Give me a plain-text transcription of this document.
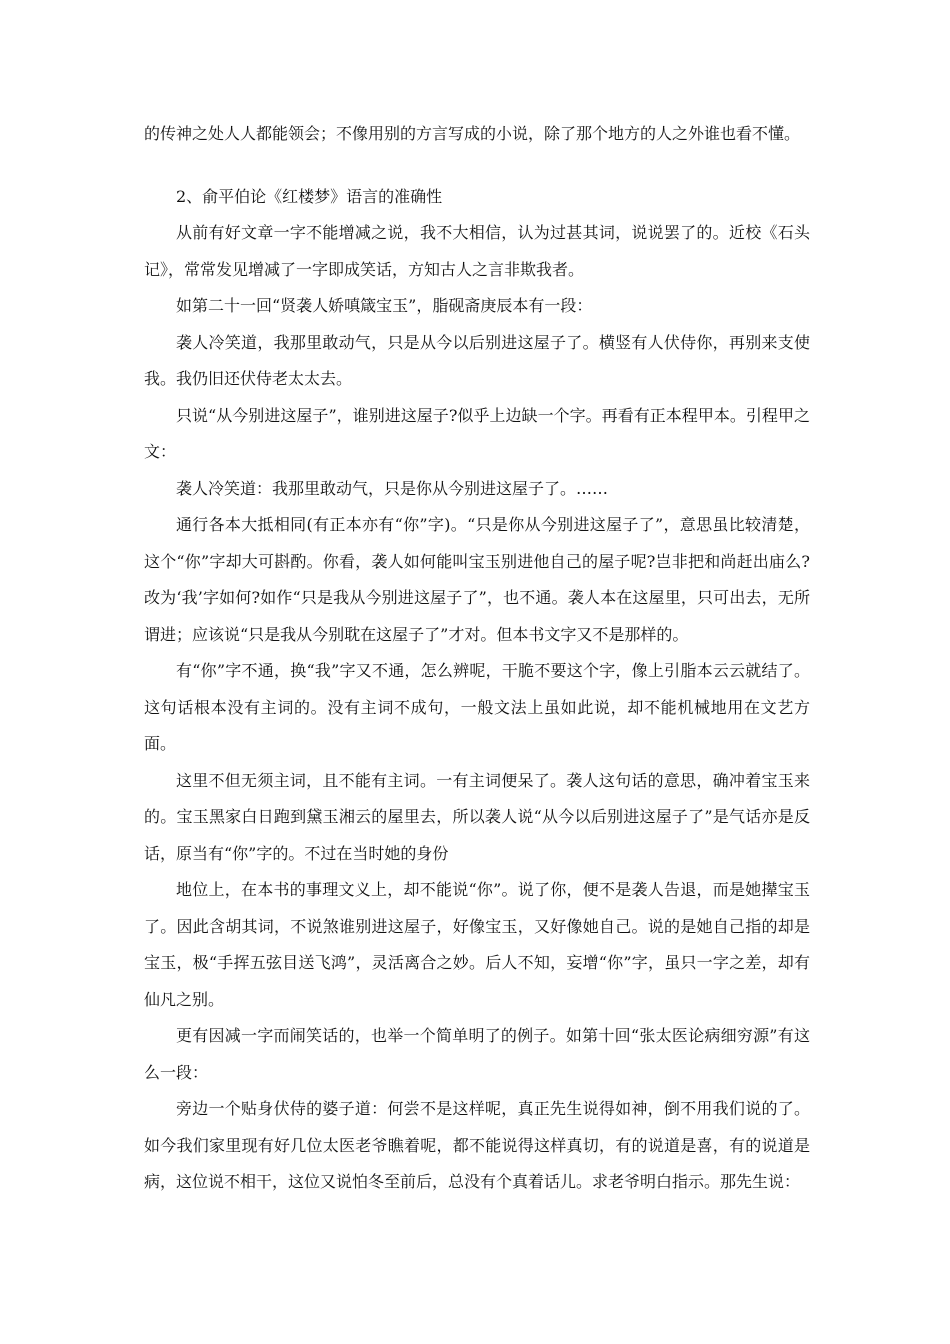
的传神之处人人都能领会；不像用别的方言写成的小说，除了那个地方的人之外谁也看不懂。

2、俞平伯论《红楼梦》语言的准确性

从前有好文章一字不能增减之说，我不大相信，认为过甚其词，说说罢了的。近校《石头记》，常常发见增减了一字即成笑话，方知古人之言非欺我者。

如第二十一回“贤袭人娇嗔箴宝玉”，脂砚斋庚辰本有一段：

袭人冷笑道，我那里敢动气，只是从今以后别进这屋子了。横竖有人伏侍你，再别来支使我。我仍旧还伏侍老太太去。

只说“从今别进这屋子”，谁别进这屋子?似乎上边缺一个字。再看有正本程甲本。引程甲之文：

袭人冷笑道：我那里敢动气，只是你从今别进这屋子了。……

通行各本大抵相同(有正本亦有“你”字)。“只是你从今别进这屋子了”，意思虽比较清楚，这个“你”字却大可斟酌。你看，袭人如何能叫宝玉别进他自己的屋子呢?岂非把和尚赶出庙么?改为‘我’字如何?如作“只是我从今别进这屋子了”，也不通。袭人本在这屋里，只可出去，无所谓进；应该说“只是我从今别耽在这屋子了”才对。但本书文字又不是那样的。

有“你”字不通，换“我”字又不通，怎么辨呢，干脆不要这个字，像上引脂本云云就结了。这句话根本没有主词的。没有主词不成句，一般文法上虽如此说，却不能机械地用在文艺方面。

这里不但无须主词，且不能有主词。一有主词便呆了。袭人这句话的意思，确冲着宝玉来的。宝玉黑家白日跑到黛玉湘云的屋里去，所以袭人说“从今以后别进这屋子了”是气话亦是反话，原当有“你”字的。不过在当时她的身份

地位上，在本书的事理文义上，却不能说“你”。说了你，便不是袭人告退，而是她撵宝玉了。因此含胡其词，不说煞谁别进这屋子，好像宝玉，又好像她自己。说的是她自己指的却是宝玉，极“手挥五弦目送飞鸿”，灵活离合之妙。后人不知，妄增“你”字，虽只一字之差，却有仙凡之别。

更有因减一字而闹笑话的，也举一个简单明了的例子。如第十回“张太医论病细穷源”有这么一段：

旁边一个贴身伏侍的婆子道：何尝不是这样呢，真正先生说得如神，倒不用我们说的了。如今我们家里现有好几位太医老爷瞧着呢，都不能说得这样真切，有的说道是喜，有的说道是病，这位说不相干，这位又说怕冬至前后，总没有个真着话儿。求老爷明白指示。那先生说：
